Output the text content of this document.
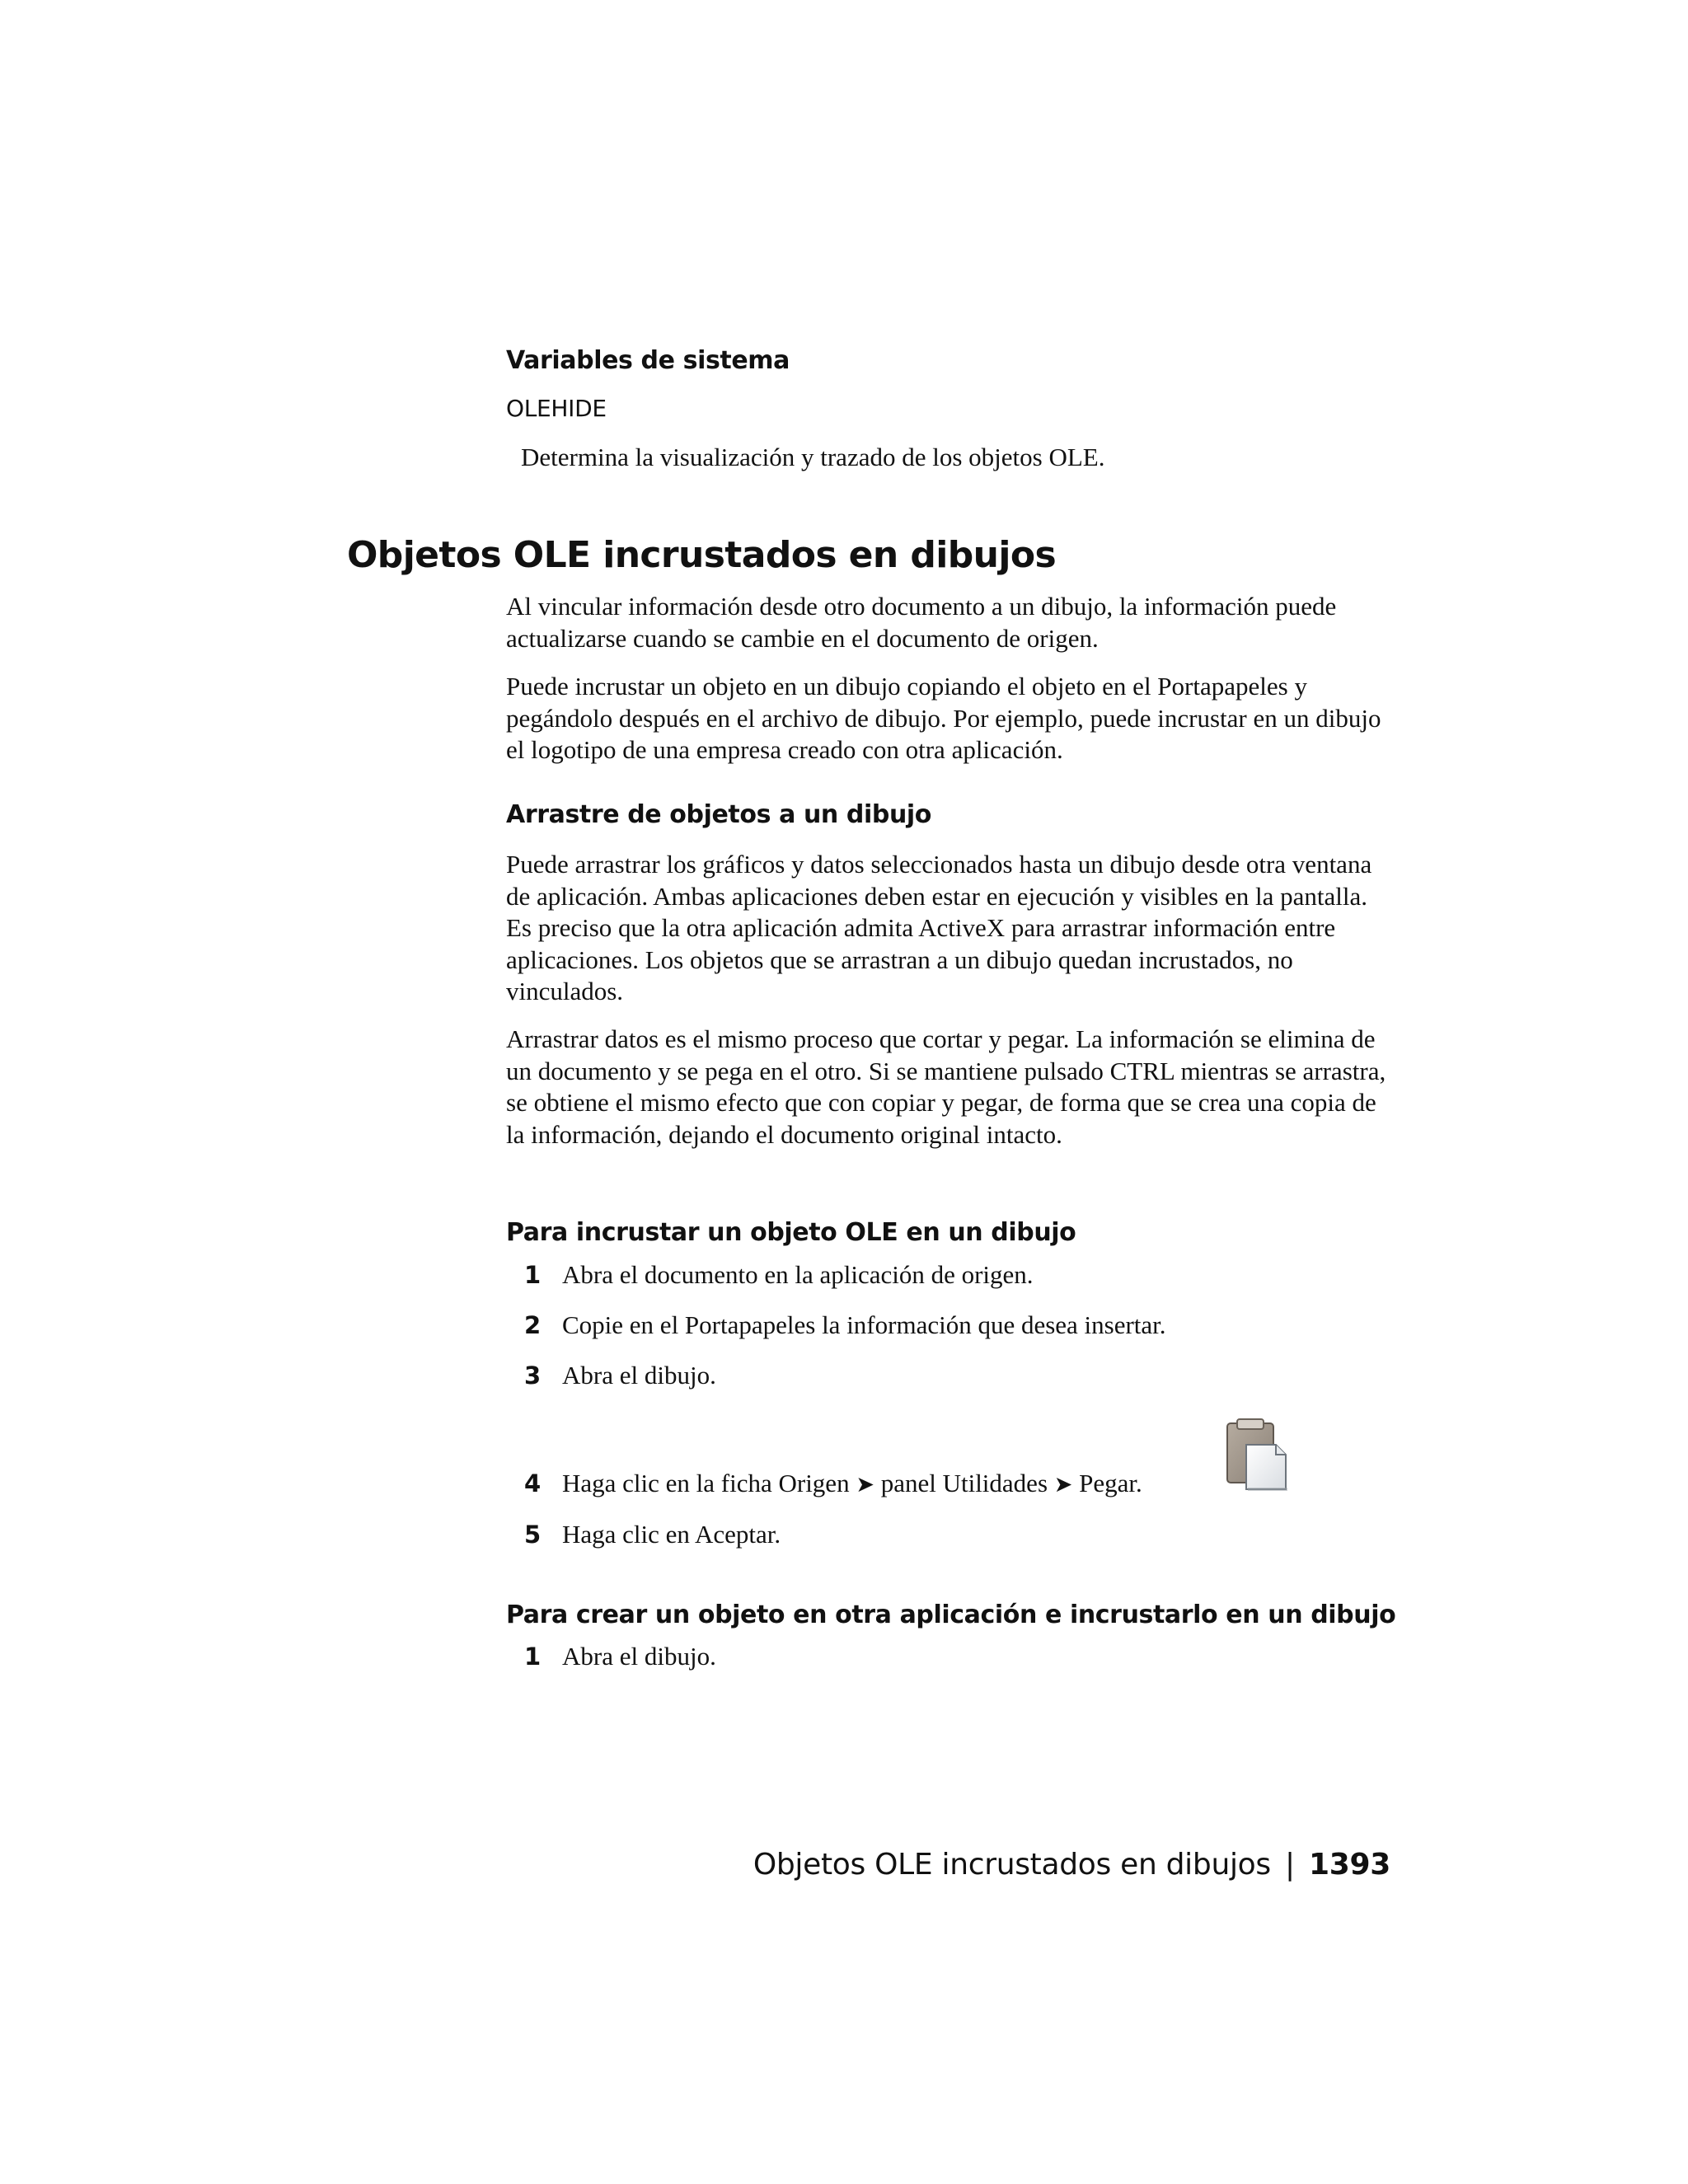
Variables de sistema
OLEHIDE
Determina la visualización y trazado de los objetos OLE.
Objetos OLE incrustados en dibujos

Al vincular información desde otro documento a un dibujo, la información puede actualizarse cuando se cambie en el documento de origen.

Puede incrustar un objeto en un dibujo copiando el objeto en el Portapapeles y pegándolo después en el archivo de dibujo. Por ejemplo, puede incrustar en un dibujo el logotipo de una empresa creado con otra aplicación.

Arrastre de objetos a un dibujo

Puede arrastrar los gráficos y datos seleccionados hasta un dibujo desde otra ventana de aplicación. Ambas aplicaciones deben estar en ejecución y visibles en la pantalla. Es preciso que la otra aplicación admita ActiveX para arrastrar información entre aplicaciones. Los objetos que se arrastran a un dibujo quedan incrustados, no vinculados.

Arrastrar datos es el mismo proceso que cortar y pegar. La información se elimina de un documento y se pega en el otro. Si se mantiene pulsado CTRL mientras se arrastra, se obtiene el mismo efecto que con copiar y pegar, de forma que se crea una copia de la información, dejando el documento original intacto.

Para incrustar un objeto OLE en un dibujo
1 Abra el documento en la aplicación de origen.
2 Copie en el Portapapeles la información que desea insertar.
3 Abra el dibujo.
4 Haga clic en la ficha Origen ➤ panel Utilidades ➤ Pegar.
5 Haga clic en Aceptar.
Para crear un objeto en otra aplicación e incrustarlo en un dibujo
1 Abra el dibujo.
Objetos OLE incrustados en dibujos | 1393
